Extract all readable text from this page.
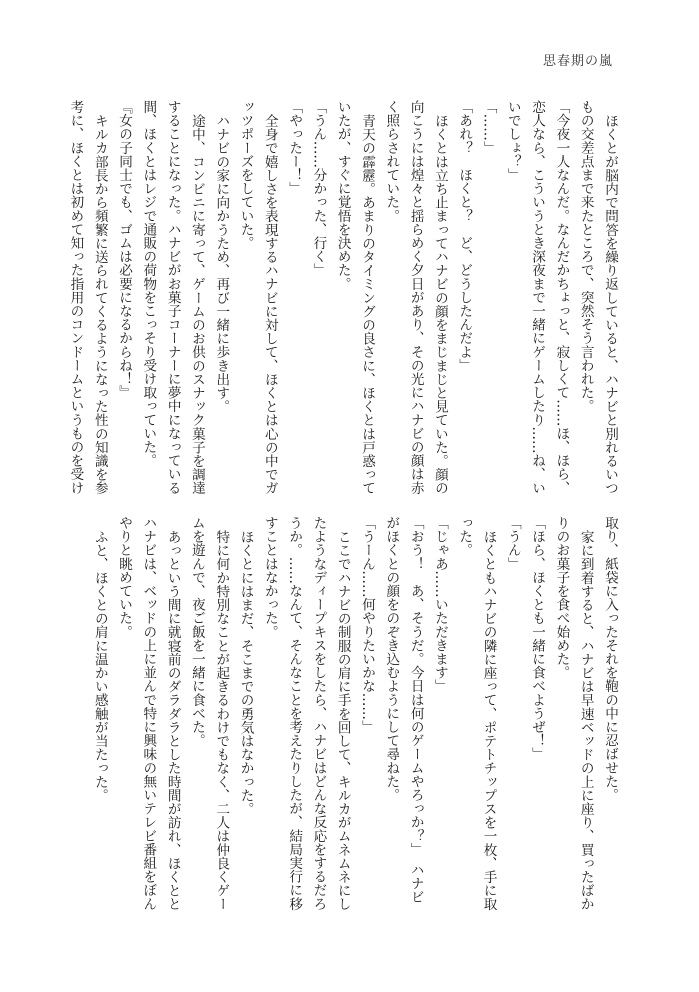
思春期の嵐
ほくとが脳内で問答を繰り返していると、ハナビと別れるいつ
もの交差点まで来たところで、突然そう言われた。
「今夜一人なんだ。なんだかちょっと、寂しくて……ほ、ほら、
恋人なら、こういうとき深夜まで一緒にゲームしたり……ね、い
いでしょ？」
「……」
「あれ？　ほくと？　ど、どうしたんだよ」
ほくとは立ち止まってハナビの顔をまじまじと見ていた。顔の
向こうには煌々と揺らめく夕日があり、その光にハナビの顔は赤
く照らされていた。
青天の霹靂。あまりのタイミングの良さに、ほくとは戸惑って
いたが、すぐに覚悟を決めた。
「うん……分かった、行く」
「やったー！」
全身で嬉しさを表現するハナビに対して、ほくとは心の中でガ
ッツポーズをしていた。
ハナビの家に向かうため、再び一緒に歩き出す。
途中、コンビニに寄って、ゲームのお供のスナック菓子を調達
することになった。ハナビがお菓子コーナーに夢中になっている
間、ほくとはレジで通販の荷物をこっそり受け取っていた。
『女の子同士でも、ゴムは必要になるからね！』
キルカ部長から頻繁に送られてくるようになった性の知識を参
考に、ほくとは初めて知った指用のコンドームというものを受け
取り、紙袋に入ったそれを鞄の中に忍ばせた。
家に到着すると、ハナビは早速ベッドの上に座り、買ったばか
りのお菓子を食べ始めた。
「ほら、ほくとも一緒に食べようぜ！」
「うん」
ほくともハナビの隣に座って、ポテトチップスを一枚、手に取
った。
「じゃあ……いただきます」
「おう！　あ、そうだ。今日は何のゲームやろっか？」　ハナビ
がほくとの顔をのぞき込むようにして尋ねた。
「うーん……何やりたいかな……」
ここでハナビの制服の肩に手を回して、キルカがムネムネにし
たようなディープキスをしたら、ハナビはどんな反応をするだろ
うか。……なんて、そんなことを考えたりしたが、結局実行に移
すことはなかった。
ほくとにはまだ、そこまでの勇気はなかった。
特に何か特別なことが起きるわけでもなく、二人は仲良くゲー
ムを遊んで、夜ご飯を一緒に食べた。
あっという間に就寝前のダラダラとした時間が訪れ、ほくとと
ハナビは、ベッドの上に並んで特に興味の無いテレビ番組をぼん
やりと眺めていた。
ふと、ほくとの肩に温かい感触が当たった。
